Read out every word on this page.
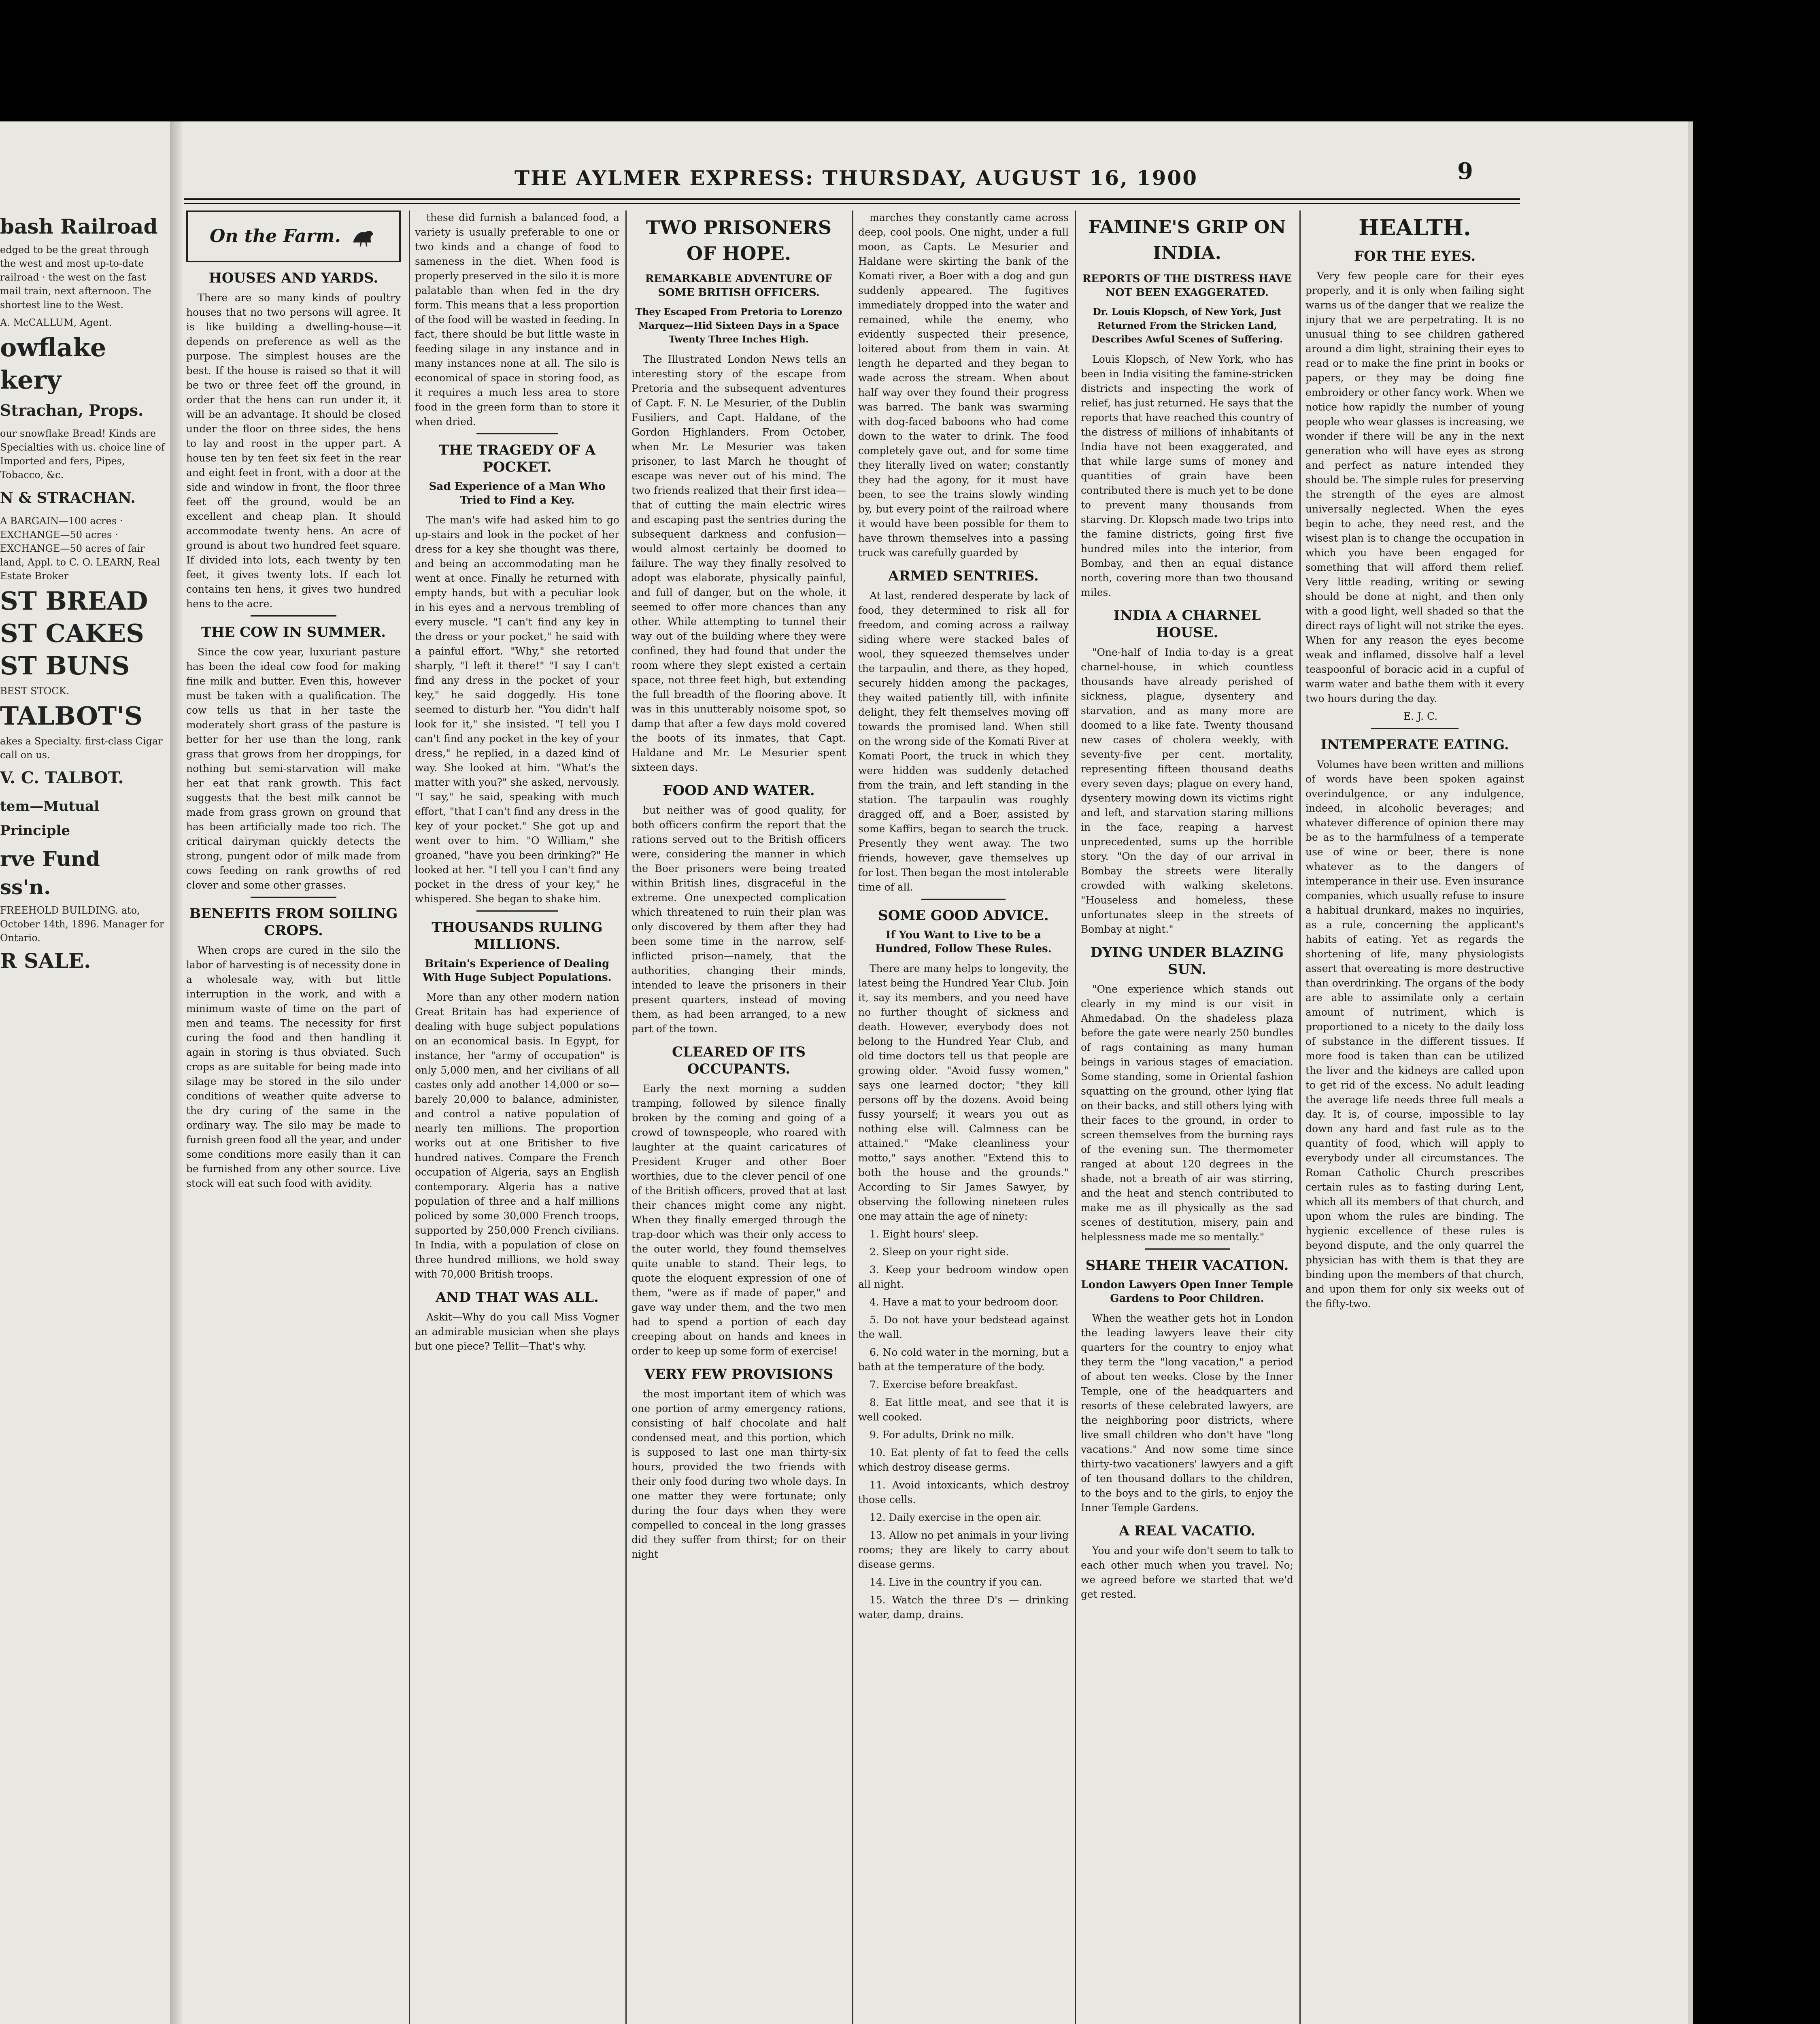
bash Railroad

edged to be the great through the west and most up-to-date railroad · the west on the fast mail train, next afternoon. The shortest line to the West.

A. McCALLUM, Agent.

owflake
kery
Strachan, Props.

our snowflake Bread! Kinds are Specialties with us. choice line of Imported and fers, Pipes, Tobacco, &c.

N & STRACHAN.

A BARGAIN—100 acres · EXCHANGE—50 acres · EXCHANGE—50 acres of fair land, Appl. to C. O. LEARN, Real Estate Broker

ST BREAD
ST CAKES
ST BUNS

BEST STOCK.

TALBOT'S

akes a Specialty. first-class Cigar call on us.

V. C. TALBOT.
tem—Mutual Principle
rve Fund
ss'n.

FREEHOLD BUILDING. ato, October 14th, 1896. Manager for Ontario.

R SALE.
THE AYLMER EXPRESS: THURSDAY, AUGUST 16, 1900	9
On the Farm.
HOUSES AND YARDS.

There are so many kinds of poultry houses that no two persons will agree. It is like building a dwelling-house—it depends on preference as well as the purpose. The simplest houses are the best. If the house is raised so that it will be two or three feet off the ground, in order that the hens can run under it, it will be an advantage. It should be closed under the floor on three sides, the hens to lay and roost in the upper part. A house ten by ten feet six feet in the rear and eight feet in front, with a door at the side and window in front, the floor three feet off the ground, would be an excellent and cheap plan. It should accommodate twenty hens. An acre of ground is about two hundred feet square. If divided into lots, each twenty by ten feet, it gives twenty lots. If each lot contains ten hens, it gives two hundred hens to the acre.

THE COW IN SUMMER.

Since the cow year, luxuriant pasture has been the ideal cow food for making fine milk and butter. Even this, however must be taken with a qualification. The cow tells us that in her taste the moderately short grass of the pasture is better for her use than the long, rank grass that grows from her droppings, for nothing but semi-starvation will make her eat that rank growth. This fact suggests that the best milk cannot be made from grass grown on ground that has been artificially made too rich. The critical dairyman quickly detects the strong, pungent odor of milk made from cows feeding on rank growths of red clover and some other grasses.

BENEFITS FROM SOILING CROPS.

When crops are cured in the silo the labor of harvesting is of necessity done in a wholesale way, with but little interruption in the work, and with a minimum waste of time on the part of men and teams. The necessity for first curing the food and then handling it again in storing is thus obviated. Such crops as are suitable for being made into silage may be stored in the silo under conditions of weather quite adverse to the dry curing of the same in the ordinary way. The silo may be made to furnish green food all the year, and under some conditions more easily than it can be furnished from any other source. Live stock will eat such food with avidity.

these did furnish a balanced food, a variety is usually preferable to one or two kinds and a change of food to sameness in the diet. When food is properly preserved in the silo it is more palatable than when fed in the dry form. This means that a less proportion of the food will be wasted in feeding. In fact, there should be but little waste in feeding silage in any instance and in many instances none at all. The silo is economical of space in storing food, as it requires a much less area to store food in the green form than to store it when dried.

THE TRAGEDY OF A POCKET.
Sad Experience of a Man Who Tried to Find a Key.

The man's wife had asked him to go up-stairs and look in the pocket of her dress for a key she thought was there, and being an accommodating man he went at once. Finally he returned with empty hands, but with a peculiar look in his eyes and a nervous trembling of every muscle. "I can't find any key in the dress or your pocket," he said with a painful effort. "Why," she retorted sharply, "I left it there!" "I say I can't find any dress in the pocket of your key," he said doggedly. His tone seemed to disturb her. "You didn't half look for it," she insisted. "I tell you I can't find any pocket in the key of your dress," he replied, in a dazed kind of way. She looked at him. "What's the matter with you?" she asked, nervously. "I say," he said, speaking with much effort, "that I can't find any dress in the key of your pocket." She got up and went over to him. "O William," she groaned, "have you been drinking?" He looked at her. "I tell you I can't find any pocket in the dress of your key," he whispered. She began to shake him.

THOUSANDS RULING MILLIONS.
Britain's Experience of Dealing With Huge Subject Populations.

More than any other modern nation Great Britain has had experience of dealing with huge subject populations on an economical basis. In Egypt, for instance, her "army of occupation" is only 5,000 men, and her civilians of all castes only add another 14,000 or so—barely 20,000 to balance, administer, and control a native population of nearly ten millions. The proportion works out at one Britisher to five hundred natives. Compare the French occupation of Algeria, says an English contemporary. Algeria has a native population of three and a half millions policed by some 30,000 French troops, supported by 250,000 French civilians. In India, with a population of close on three hundred millions, we hold sway with 70,000 British troops.

AND THAT WAS ALL.

Askit—Why do you call Miss Vogner an admirable musician when she plays but one piece? Tellit—That's why.

TWO PRISONERS OF HOPE.
REMARKABLE ADVENTURE OF SOME BRITISH OFFICERS.
They Escaped From Pretoria to Lorenzo Marquez—Hid Sixteen Days in a Space Twenty Three Inches High.

The Illustrated London News tells an interesting story of the escape from Pretoria and the subsequent adventures of Capt. F. N. Le Mesurier, of the Dublin Fusiliers, and Capt. Haldane, of the Gordon Highlanders. From October, when Mr. Le Mesurier was taken prisoner, to last March he thought of escape was never out of his mind. The two friends realized that their first idea—that of cutting the main electric wires and escaping past the sentries during the subsequent darkness and confusion—would almost certainly be doomed to failure. The way they finally resolved to adopt was elaborate, physically painful, and full of danger, but on the whole, it seemed to offer more chances than any other. While attempting to tunnel their way out of the building where they were confined, they had found that under the room where they slept existed a certain space, not three feet high, but extending the full breadth of the flooring above. It was in this unutterably noisome spot, so damp that after a few days mold covered the boots of its inmates, that Capt. Haldane and Mr. Le Mesurier spent sixteen days.

FOOD AND WATER.

but neither was of good quality, for both officers confirm the report that the rations served out to the British officers were, considering the manner in which the Boer prisoners were being treated within British lines, disgraceful in the extreme. One unexpected complication which threatened to ruin their plan was only discovered by them after they had been some time in the narrow, self-inflicted prison—namely, that the authorities, changing their minds, intended to leave the prisoners in their present quarters, instead of moving them, as had been arranged, to a new part of the town.

CLEARED OF ITS OCCUPANTS.

Early the next morning a sudden tramping, followed by silence finally broken by the coming and going of a crowd of townspeople, who roared with laughter at the quaint caricatures of President Kruger and other Boer worthies, due to the clever pencil of one of the British officers, proved that at last their chances might come any night. When they finally emerged through the trap-door which was their only access to the outer world, they found themselves quite unable to stand. Their legs, to quote the eloquent expression of one of them, "were as if made of paper," and gave way under them, and the two men had to spend a portion of each day creeping about on hands and knees in order to keep up some form of exercise!

VERY FEW PROVISIONS

the most important item of which was one portion of army emergency rations, consisting of half chocolate and half condensed meat, and this portion, which is supposed to last one man thirty-six hours, provided the two friends with their only food during two whole days. In one matter they were fortunate; only during the four days when they were compelled to conceal in the long grasses did they suffer from thirst; for on their night

marches they constantly came across deep, cool pools. One night, under a full moon, as Capts. Le Mesurier and Haldane were skirting the bank of the Komati river, a Boer with a dog and gun suddenly appeared. The fugitives immediately dropped into the water and remained, while the enemy, who evidently suspected their presence, loitered about from them in vain. At length he departed and they began to wade across the stream. When about half way over they found their progress was barred. The bank was swarming with dog-faced baboons who had come down to the water to drink. The food completely gave out, and for some time they literally lived on water; constantly they had the agony, for it must have been, to see the trains slowly winding by, but every point of the railroad where it would have been possible for them to have thrown themselves into a passing truck was carefully guarded by

ARMED SENTRIES.

At last, rendered desperate by lack of food, they determined to risk all for freedom, and coming across a railway siding where were stacked bales of wool, they squeezed themselves under the tarpaulin, and there, as they hoped, securely hidden among the packages, they waited patiently till, with infinite delight, they felt themselves moving off towards the promised land. When still on the wrong side of the Komati River at Komati Poort, the truck in which they were hidden was suddenly detached from the train, and left standing in the station. The tarpaulin was roughly dragged off, and a Boer, assisted by some Kaffirs, began to search the truck. Presently they went away. The two friends, however, gave themselves up for lost. Then began the most intolerable time of all.

SOME GOOD ADVICE.
If You Want to Live to be a Hundred, Follow These Rules.

There are many helps to longevity, the latest being the Hundred Year Club. Join it, say its members, and you need have no further thought of sickness and death. However, everybody does not belong to the Hundred Year Club, and old time doctors tell us that people are growing older. "Avoid fussy women," says one learned doctor; "they kill persons off by the dozens. Avoid being fussy yourself; it wears you out as nothing else will. Calmness can be attained." "Make cleanliness your motto," says another. "Extend this to both the house and the grounds." According to Sir James Sawyer, by observing the following nineteen rules one may attain the age of ninety:

1. Eight hours' sleep.

2. Sleep on your right side.

3. Keep your bedroom window open all night.

4. Have a mat to your bedroom door.

5. Do not have your bedstead against the wall.

6. No cold water in the morning, but a bath at the temperature of the body.

7. Exercise before breakfast.

8. Eat little meat, and see that it is well cooked.

9. For adults, Drink no milk.

10. Eat plenty of fat to feed the cells which destroy disease germs.

11. Avoid intoxicants, which destroy those cells.

12. Daily exercise in the open air.

13. Allow no pet animals in your living rooms; they are likely to carry about disease germs.

14. Live in the country if you can.

15. Watch the three D's — drinking water, damp, drains.

FAMINE'S GRIP ON INDIA.
REPORTS OF THE DISTRESS HAVE NOT BEEN EXAGGERATED.
Dr. Louis Klopsch, of New York, Just Returned From the Stricken Land, Describes Awful Scenes of Suffering.

Louis Klopsch, of New York, who has been in India visiting the famine-stricken districts and inspecting the work of relief, has just returned. He says that the reports that have reached this country of the distress of millions of inhabitants of India have not been exaggerated, and that while large sums of money and quantities of grain have been contributed there is much yet to be done to prevent many thousands from starving. Dr. Klopsch made two trips into the famine districts, going first five hundred miles into the interior, from Bombay, and then an equal distance north, covering more than two thousand miles.

INDIA A CHARNEL HOUSE.

"One-half of India to-day is a great charnel-house, in which countless thousands have already perished of sickness, plague, dysentery and starvation, and as many more are doomed to a like fate. Twenty thousand new cases of cholera weekly, with seventy-five per cent. mortality, representing fifteen thousand deaths every seven days; plague on every hand, dysentery mowing down its victims right and left, and starvation staring millions in the face, reaping a harvest unprecedented, sums up the horrible story. "On the day of our arrival in Bombay the streets were literally crowded with walking skeletons. "Houseless and homeless, these unfortunates sleep in the streets of Bombay at night."

DYING UNDER BLAZING SUN.

"One experience which stands out clearly in my mind is our visit in Ahmedabad. On the shadeless plaza before the gate were nearly 250 bundles of rags containing as many human beings in various stages of emaciation. Some standing, some in Oriental fashion squatting on the ground, other lying flat on their backs, and still others lying with their faces to the ground, in order to screen themselves from the burning rays of the evening sun. The thermometer ranged at about 120 degrees in the shade, not a breath of air was stirring, and the heat and stench contributed to make me as ill physically as the sad scenes of destitution, misery, pain and helplessness made me so mentally."

SHARE THEIR VACATION.
London Lawyers Open Inner Temple Gardens to Poor Children.

When the weather gets hot in London the leading lawyers leave their city quarters for the country to enjoy what they term the "long vacation," a period of about ten weeks. Close by the Inner Temple, one of the headquarters and resorts of these celebrated lawyers, are the neighboring poor districts, where live small children who don't have "long vacations." And now some time since thirty-two vacationers' lawyers and a gift of ten thousand dollars to the children, to the boys and to the girls, to enjoy the Inner Temple Gardens.

A REAL VACATIO.

You and your wife don't seem to talk to each other much when you travel. No; we agreed before we started that we'd get rested.

HEALTH.
FOR THE EYES.

Very few people care for their eyes properly, and it is only when failing sight warns us of the danger that we realize the injury that we are perpetrating. It is no unusual thing to see children gathered around a dim light, straining their eyes to read or to make the fine print in books or papers, or they may be doing fine embroidery or other fancy work. When we notice how rapidly the number of young people who wear glasses is increasing, we wonder if there will be any in the next generation who will have eyes as strong and perfect as nature intended they should be. The simple rules for preserving the strength of the eyes are almost universally neglected. When the eyes begin to ache, they need rest, and the wisest plan is to change the occupation in which you have been engaged for something that will afford them relief. Very little reading, writing or sewing should be done at night, and then only with a good light, well shaded so that the direct rays of light will not strike the eyes. When for any reason the eyes become weak and inflamed, dissolve half a level teaspoonful of boracic acid in a cupful of warm water and bathe them with it every two hours during the day.

E. J. C.

INTEMPERATE EATING.

Volumes have been written and millions of words have been spoken against overindulgence, or any indulgence, indeed, in alcoholic beverages; and whatever difference of opinion there may be as to the harmfulness of a temperate use of wine or beer, there is none whatever as to the dangers of intemperance in their use. Even insurance companies, which usually refuse to insure a habitual drunkard, makes no inquiries, as a rule, concerning the applicant's habits of eating. Yet as regards the shortening of life, many physiologists assert that overeating is more destructive than overdrinking. The organs of the body are able to assimilate only a certain amount of nutriment, which is proportioned to a nicety to the daily loss of substance in the different tissues. If more food is taken than can be utilized the liver and the kidneys are called upon to get rid of the excess. No adult leading the average life needs three full meals a day. It is, of course, impossible to lay down any hard and fast rule as to the quantity of food, which will apply to everybody under all circumstances. The Roman Catholic Church prescribes certain rules as to fasting during Lent, which all its members of that church, and upon whom the rules are binding. The hygienic excellence of these rules is beyond dispute, and the only quarrel the physician has with them is that they are binding upon the members of that church, and upon them for only six weeks out of the fifty-two.
